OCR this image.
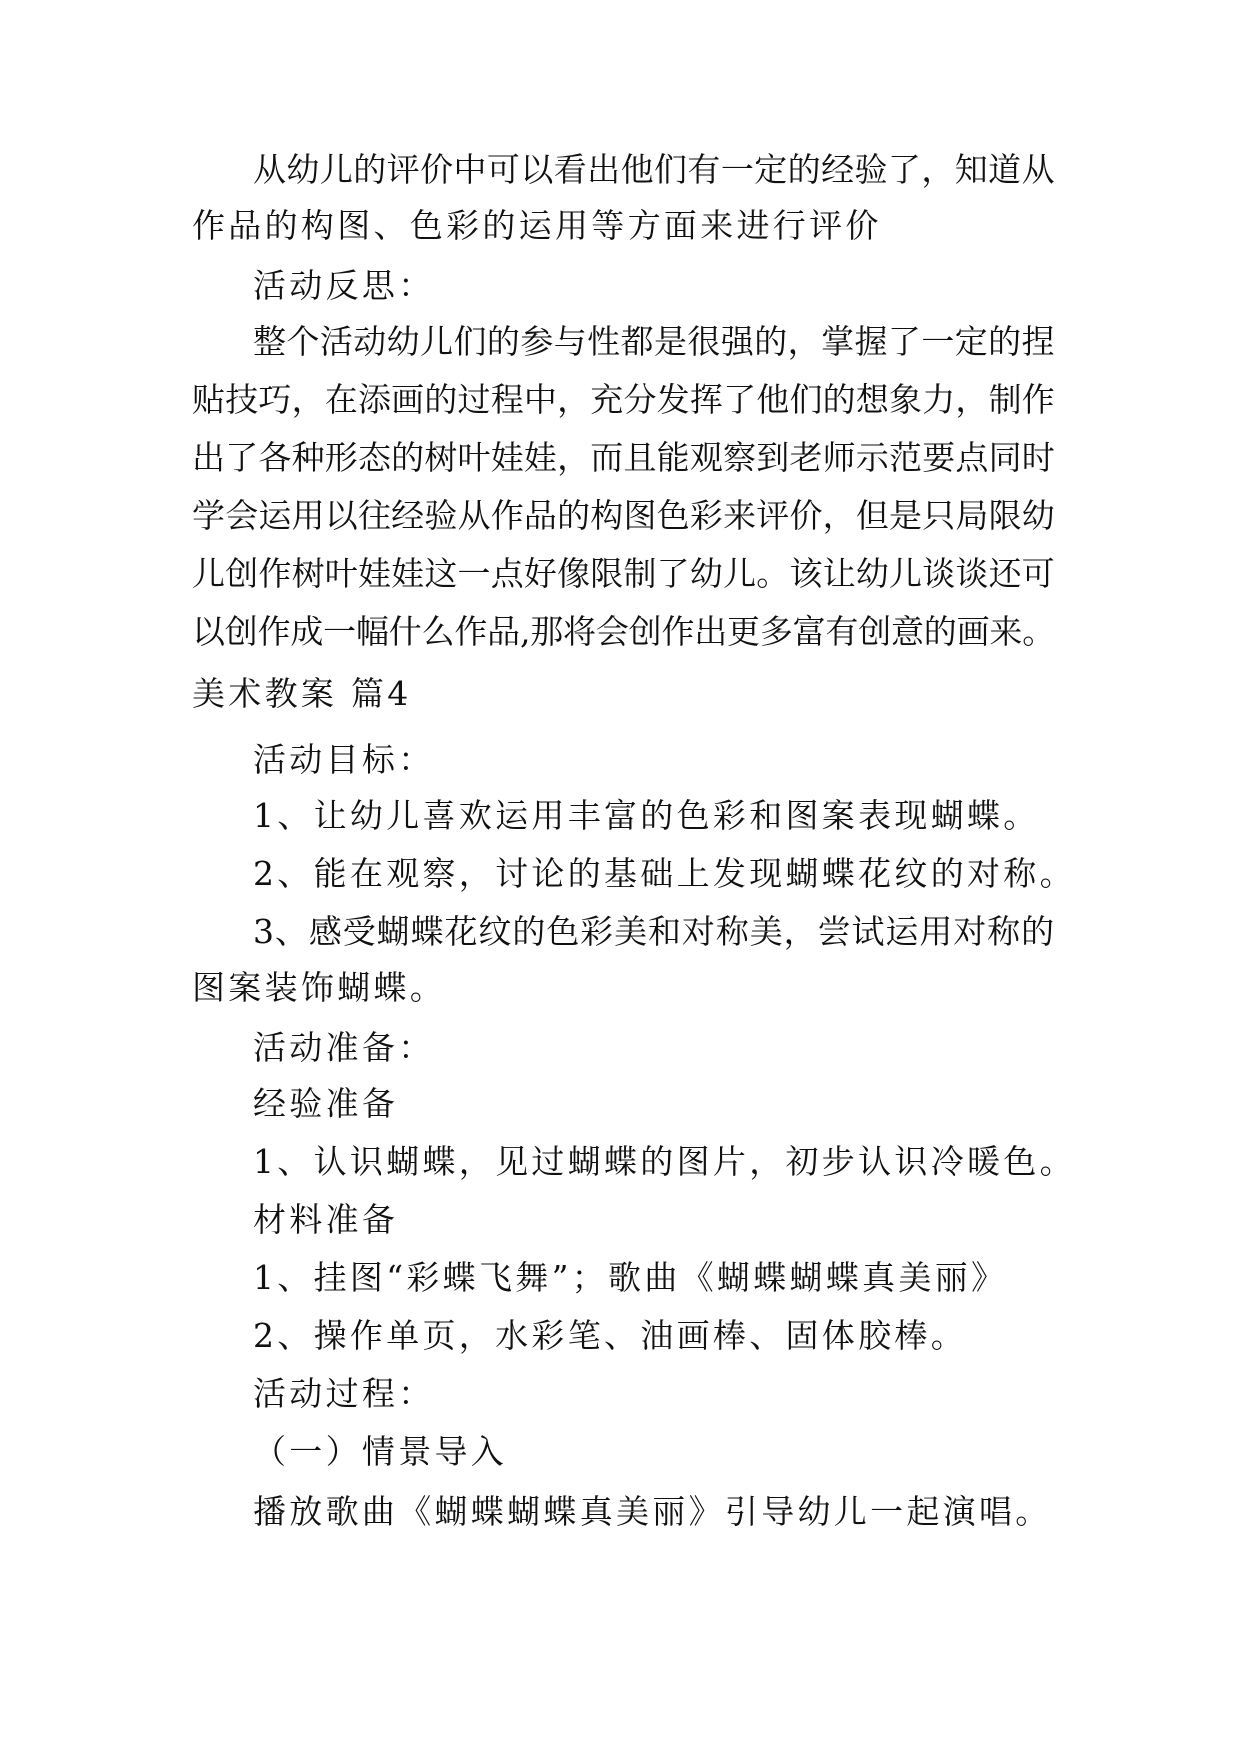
从幼儿的评价中可以看出他们有一定的经验了，知道从
作品的构图、色彩的运用等方面来进行评价
活动反思：
整个活动幼儿们的参与性都是很强的，掌握了一定的捏
贴技巧，在添画的过程中，充分发挥了他们的想象力，制作
出了各种形态的树叶娃娃，而且能观察到老师示范要点同时
学会运用以往经验从作品的构图色彩来评价，但是只局限幼
儿创作树叶娃娃这一点好像限制了幼儿。该让幼儿谈谈还可
以创作成一幅什么作品,那将会创作出更多富有创意的画来。
美术教案 篇4
活动目标：
1、让幼儿喜欢运用丰富的色彩和图案表现蝴蝶。
2、能在观察，讨论的基础上发现蝴蝶花纹的对称。
3、感受蝴蝶花纹的色彩美和对称美，尝试运用对称的
图案装饰蝴蝶。
活动准备：
经验准备
1、认识蝴蝶，见过蝴蝶的图片，初步认识冷暖色。
材料准备
1、挂图“彩蝶飞舞”；歌曲《蝴蝶蝴蝶真美丽》
2、操作单页，水彩笔、油画棒、固体胶棒。
活动过程：
（一）情景导入
播放歌曲《蝴蝶蝴蝶真美丽》引导幼儿一起演唱。
